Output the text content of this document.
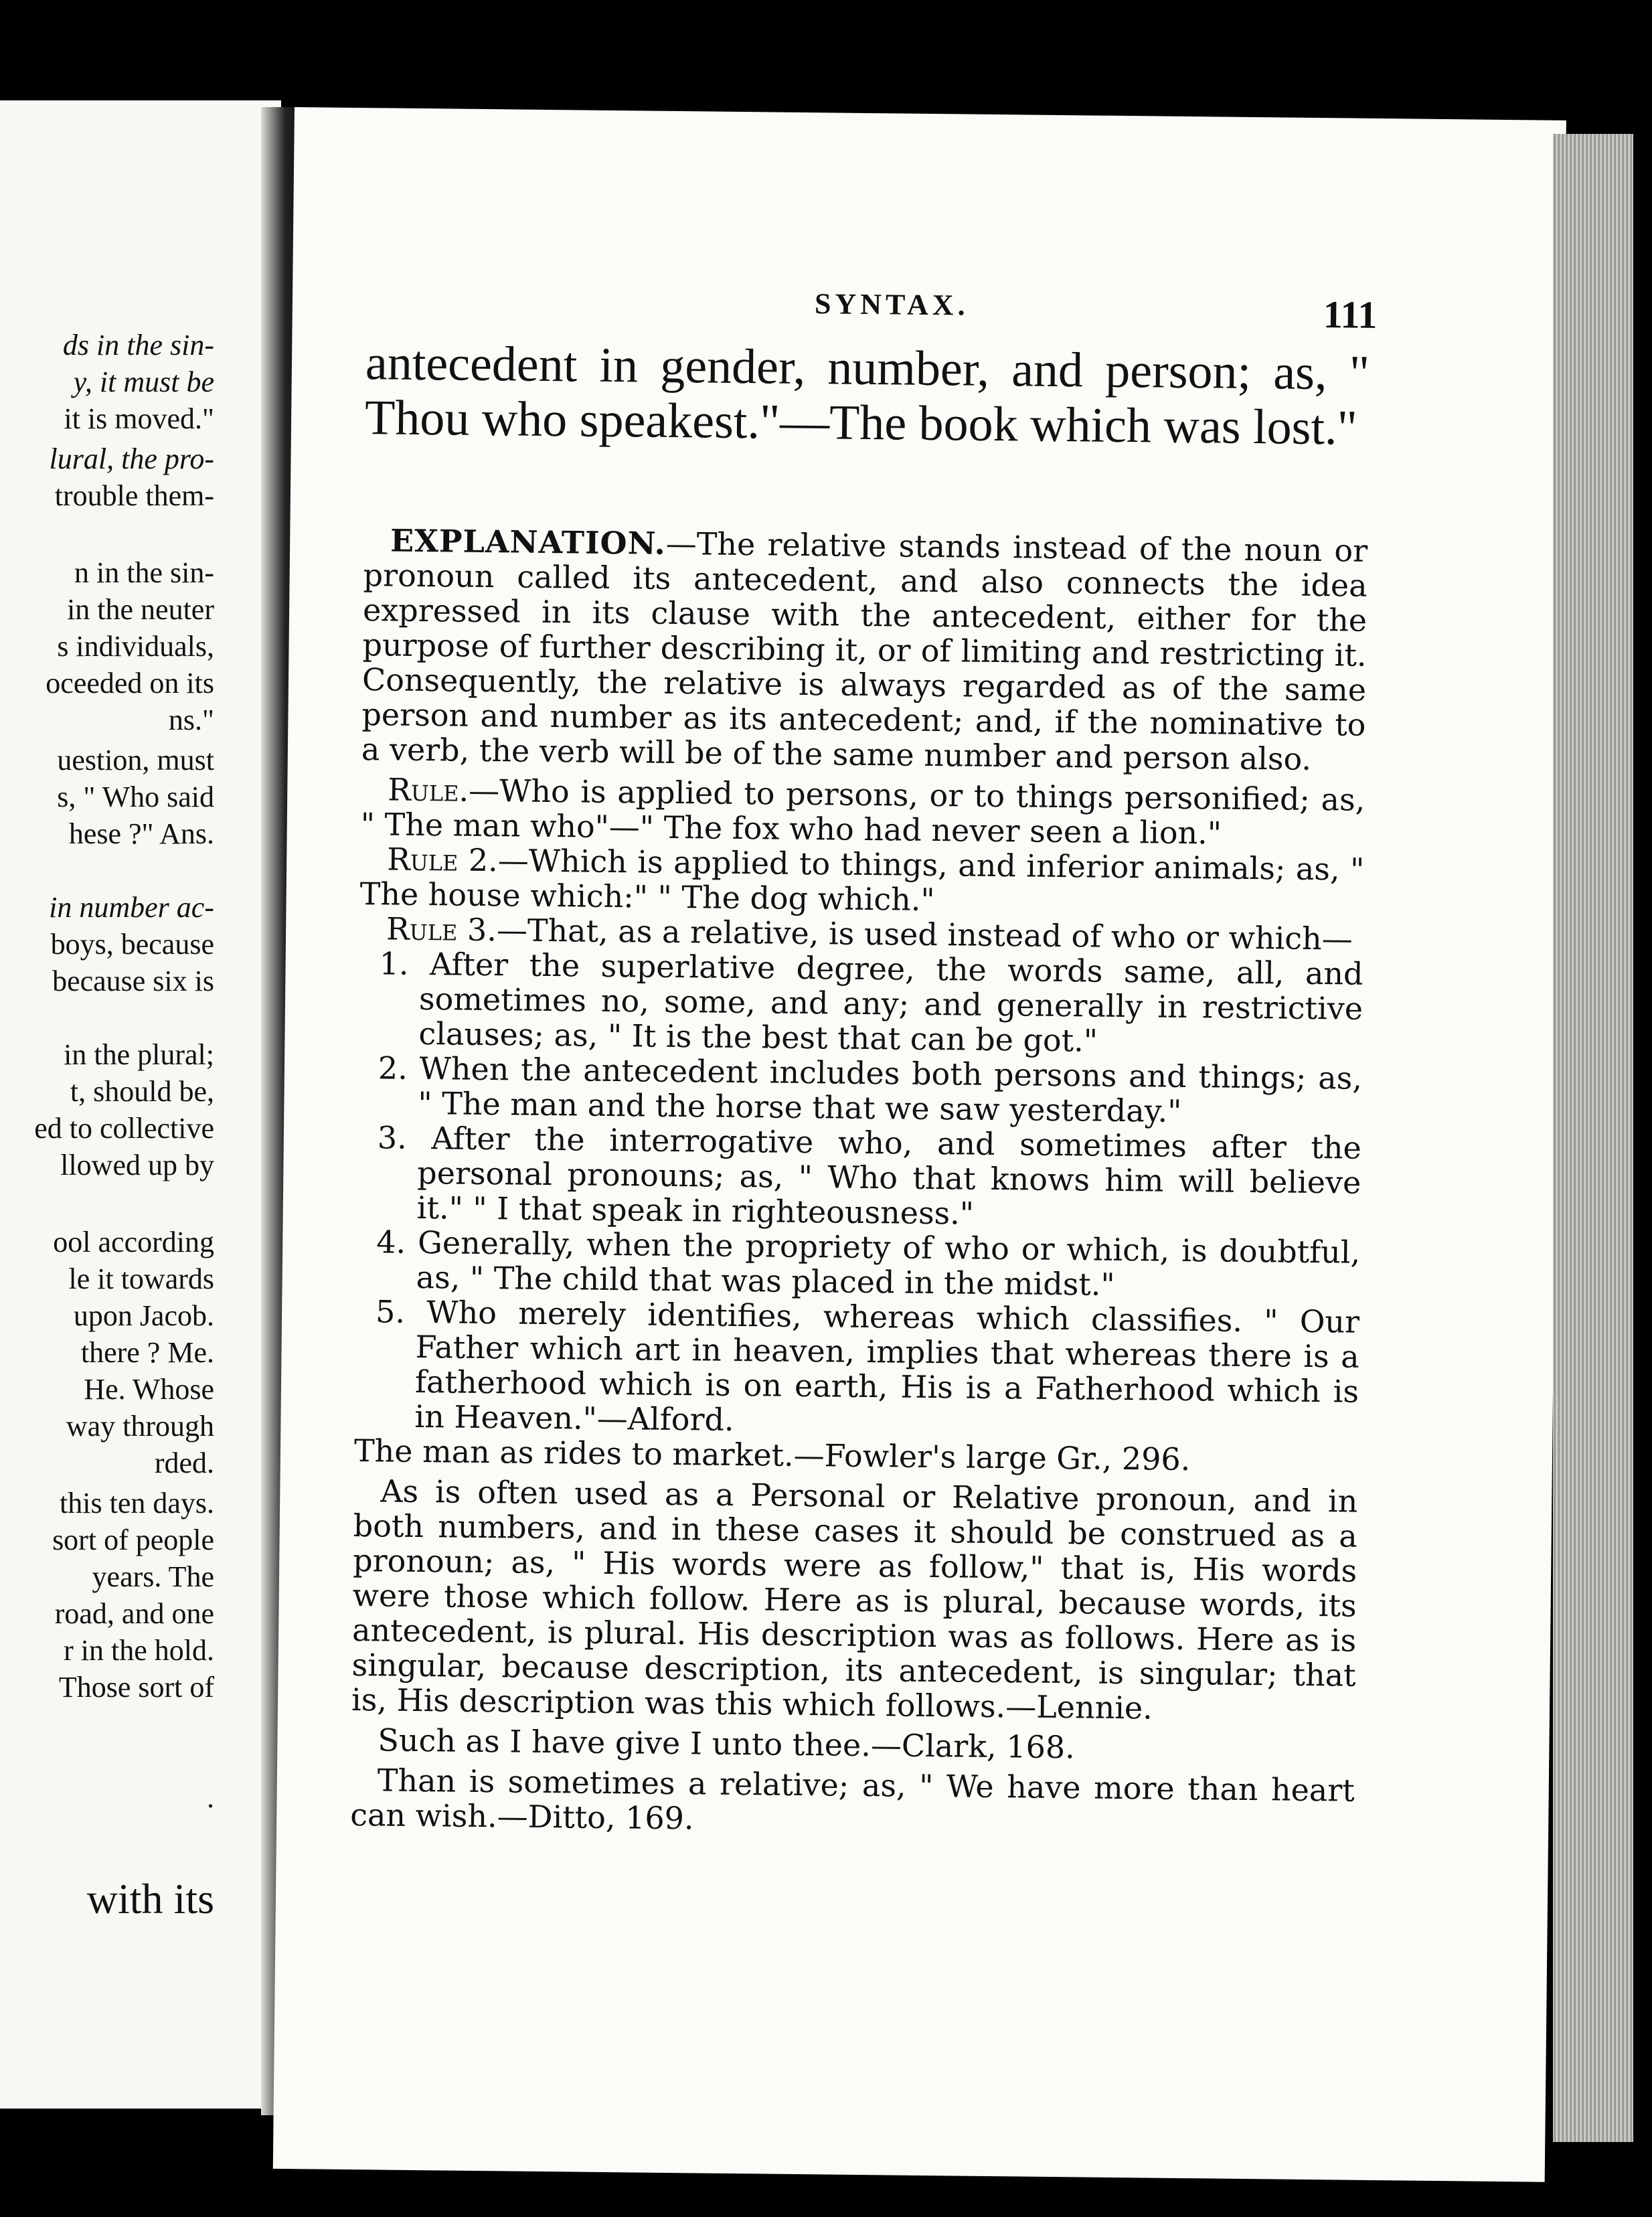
ds in the sin-
y, it must be
it is moved."
lural, the pro-
trouble them-
n in the sin-
in the neuter
s individuals,
oceeded on its
ns."
uestion, must
s, " Who said
hese ?" Ans.
in number ac-
boys, because
because six is
in the plural;
t, should be,
ed to collective
llowed up by
ool according
le it towards
upon Jacob.
there ? Me.
He. Whose
way through
rded.
this ten days.
sort of people
years. The
road, and one
r in the hold.
Those sort of
.
with its
SYNTAX.	111
antecedent in gender, number, and person; as, " Thou who speakest."—The book which was lost."

EXPLANATION.—The relative stands instead of the noun or pronoun called its antecedent, and also connects the idea expressed in its clause with the antecedent, either for the purpose of further describing it, or of limiting and restricting it. Consequently, the relative is always regarded as of the same person and number as its antecedent; and, if the nominative to a verb, the verb will be of the same number and person also.

Rule.—Who is applied to persons, or to things personified; as, " The man who"—" The fox who had never seen a lion."

Rule 2.—Which is applied to things, and inferior animals; as, " The house which:" " The dog which."

Rule 3.—That, as a relative, is used instead of who or which—

1. After the superlative degree, the words same, all, and sometimes no, some, and any; and generally in restrictive clauses; as, " It is the best that can be got."

2. When the antecedent includes both persons and things; as, " The man and the horse that we saw yesterday."

3. After the interrogative who, and sometimes after the personal pronouns; as, " Who that knows him will believe it." " I that speak in righteousness."

4. Generally, when the propriety of who or which, is doubtful, as, " The child that was placed in the midst."

5. Who merely identifies, whereas which classifies. " Our Father which art in heaven, implies that whereas there is a fatherhood which is on earth, His is a Fatherhood which is in Heaven."—Alford.

The man as rides to market.—Fowler's large Gr., 296.

As is often used as a Personal or Relative pronoun, and in both numbers, and in these cases it should be construed as a pronoun; as, " His words were as follow," that is, His words were those which follow. Here as is plural, because words, its antecedent, is plural. His description was as follows. Here as is singular, because description, its antecedent, is singular; that is, His description was this which follows.—Lennie.

Such as I have give I unto thee.—Clark, 168.

Than is sometimes a relative; as, " We have more than heart can wish.—Ditto, 169.
